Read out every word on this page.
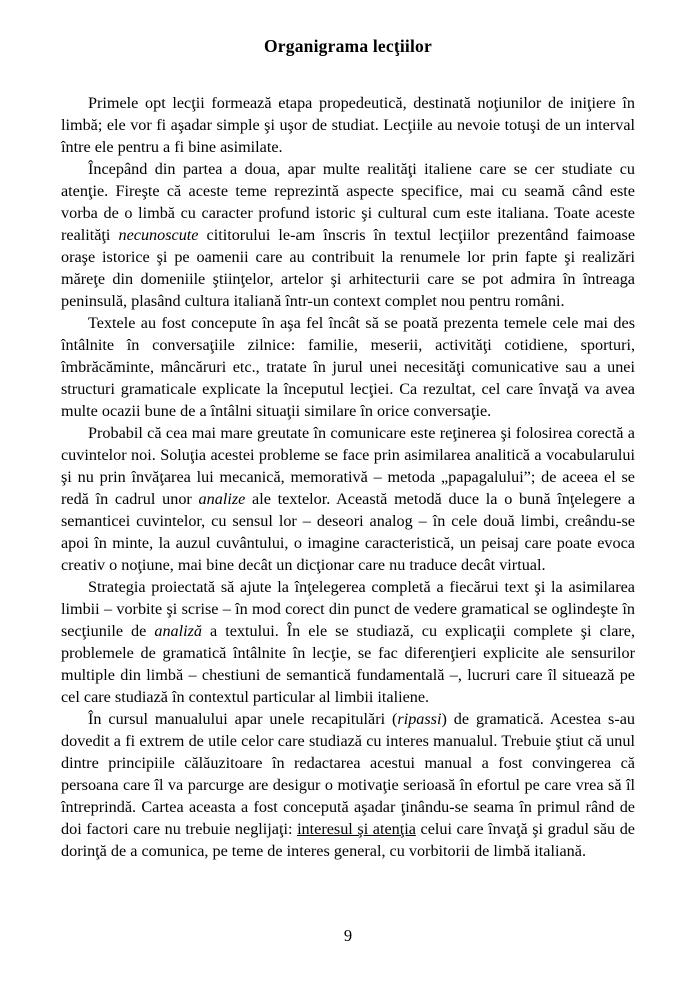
Organigrama lecţiilor

Primele opt lecţii formează etapa propedeutică, destinată noţiunilor de iniţiere în limbă; ele vor fi aşadar simple şi uşor de studiat. Lecţiile au nevoie totuşi de un interval între ele pentru a fi bine asimilate.

Începând din partea a doua, apar multe realităţi italiene care se cer studiate cu atenţie. Fireşte că aceste teme reprezintă aspecte specifice, mai cu seamă când este vorba de o limbă cu caracter profund istoric şi cultural cum este italiana. Toate aceste realităţi necunoscute cititorului le-am înscris în textul lecţiilor prezentând faimoase oraşe istorice şi pe oamenii care au contribuit la renumele lor prin fapte şi realizări măreţe din domeniile ştiinţelor, artelor şi arhitecturii care se pot admira în întreaga peninsulă, plasând cultura italiană într-un context complet nou pentru români.

Textele au fost concepute în aşa fel încât să se poată prezenta temele cele mai des întâlnite în conversaţiile zilnice: familie, meserii, activităţi cotidiene, sporturi, îmbrăcăminte, mâncăruri etc., tratate în jurul unei necesităţi comunicative sau a unei structuri gramaticale explicate la începutul lecţiei. Ca rezultat, cel care învaţă va avea multe ocazii bune de a întâlni situaţii similare în orice conversaţie.

Probabil că cea mai mare greutate în comunicare este reţinerea şi folosirea corectă a cuvintelor noi. Soluţia acestei probleme se face prin asimilarea analitică a vocabularului şi nu prin învăţarea lui mecanică, memorativă – metoda „papagalului”; de aceea el se redă în cadrul unor analize ale textelor. Această metodă duce la o bună înţelegere a semanticei cuvintelor, cu sensul lor – deseori analog – în cele două limbi, creându-se apoi în minte, la auzul cuvântului, o imagine caracteristică, un peisaj care poate evoca creativ o noţiune, mai bine decât un dicţionar care nu traduce decât virtual.

Strategia proiectată să ajute la înţelegerea completă a fiecărui text şi la asimilarea limbii – vorbite şi scrise – în mod corect din punct de vedere gramatical se oglindeşte în secţiunile de analiză a textului. În ele se studiază, cu explicaţii complete şi clare, problemele de gramatică întâlnite în lecţie, se fac diferenţieri explicite ale sensurilor multiple din limbă – chestiuni de semantică fundamentală –, lucruri care îl situează pe cel care studiază în contextul particular al limbii italiene.

În cursul manualului apar unele recapitulări (ripassi) de gramatică. Acestea s-au dovedit a fi extrem de utile celor care studiază cu interes manualul. Trebuie ştiut că unul dintre principiile călăuzitoare în redactarea acestui manual a fost convingerea că persoana care îl va parcurge are desigur o motivaţie serioasă în efortul pe care vrea să îl întreprindă. Cartea aceasta a fost concepută aşadar ţinându-se seama în primul rând de doi factori care nu trebuie neglijaţi: interesul şi atenţia celui care învaţă şi gradul său de dorinţă de a comunica, pe teme de interes general, cu vorbitorii de limbă italiană.

9
